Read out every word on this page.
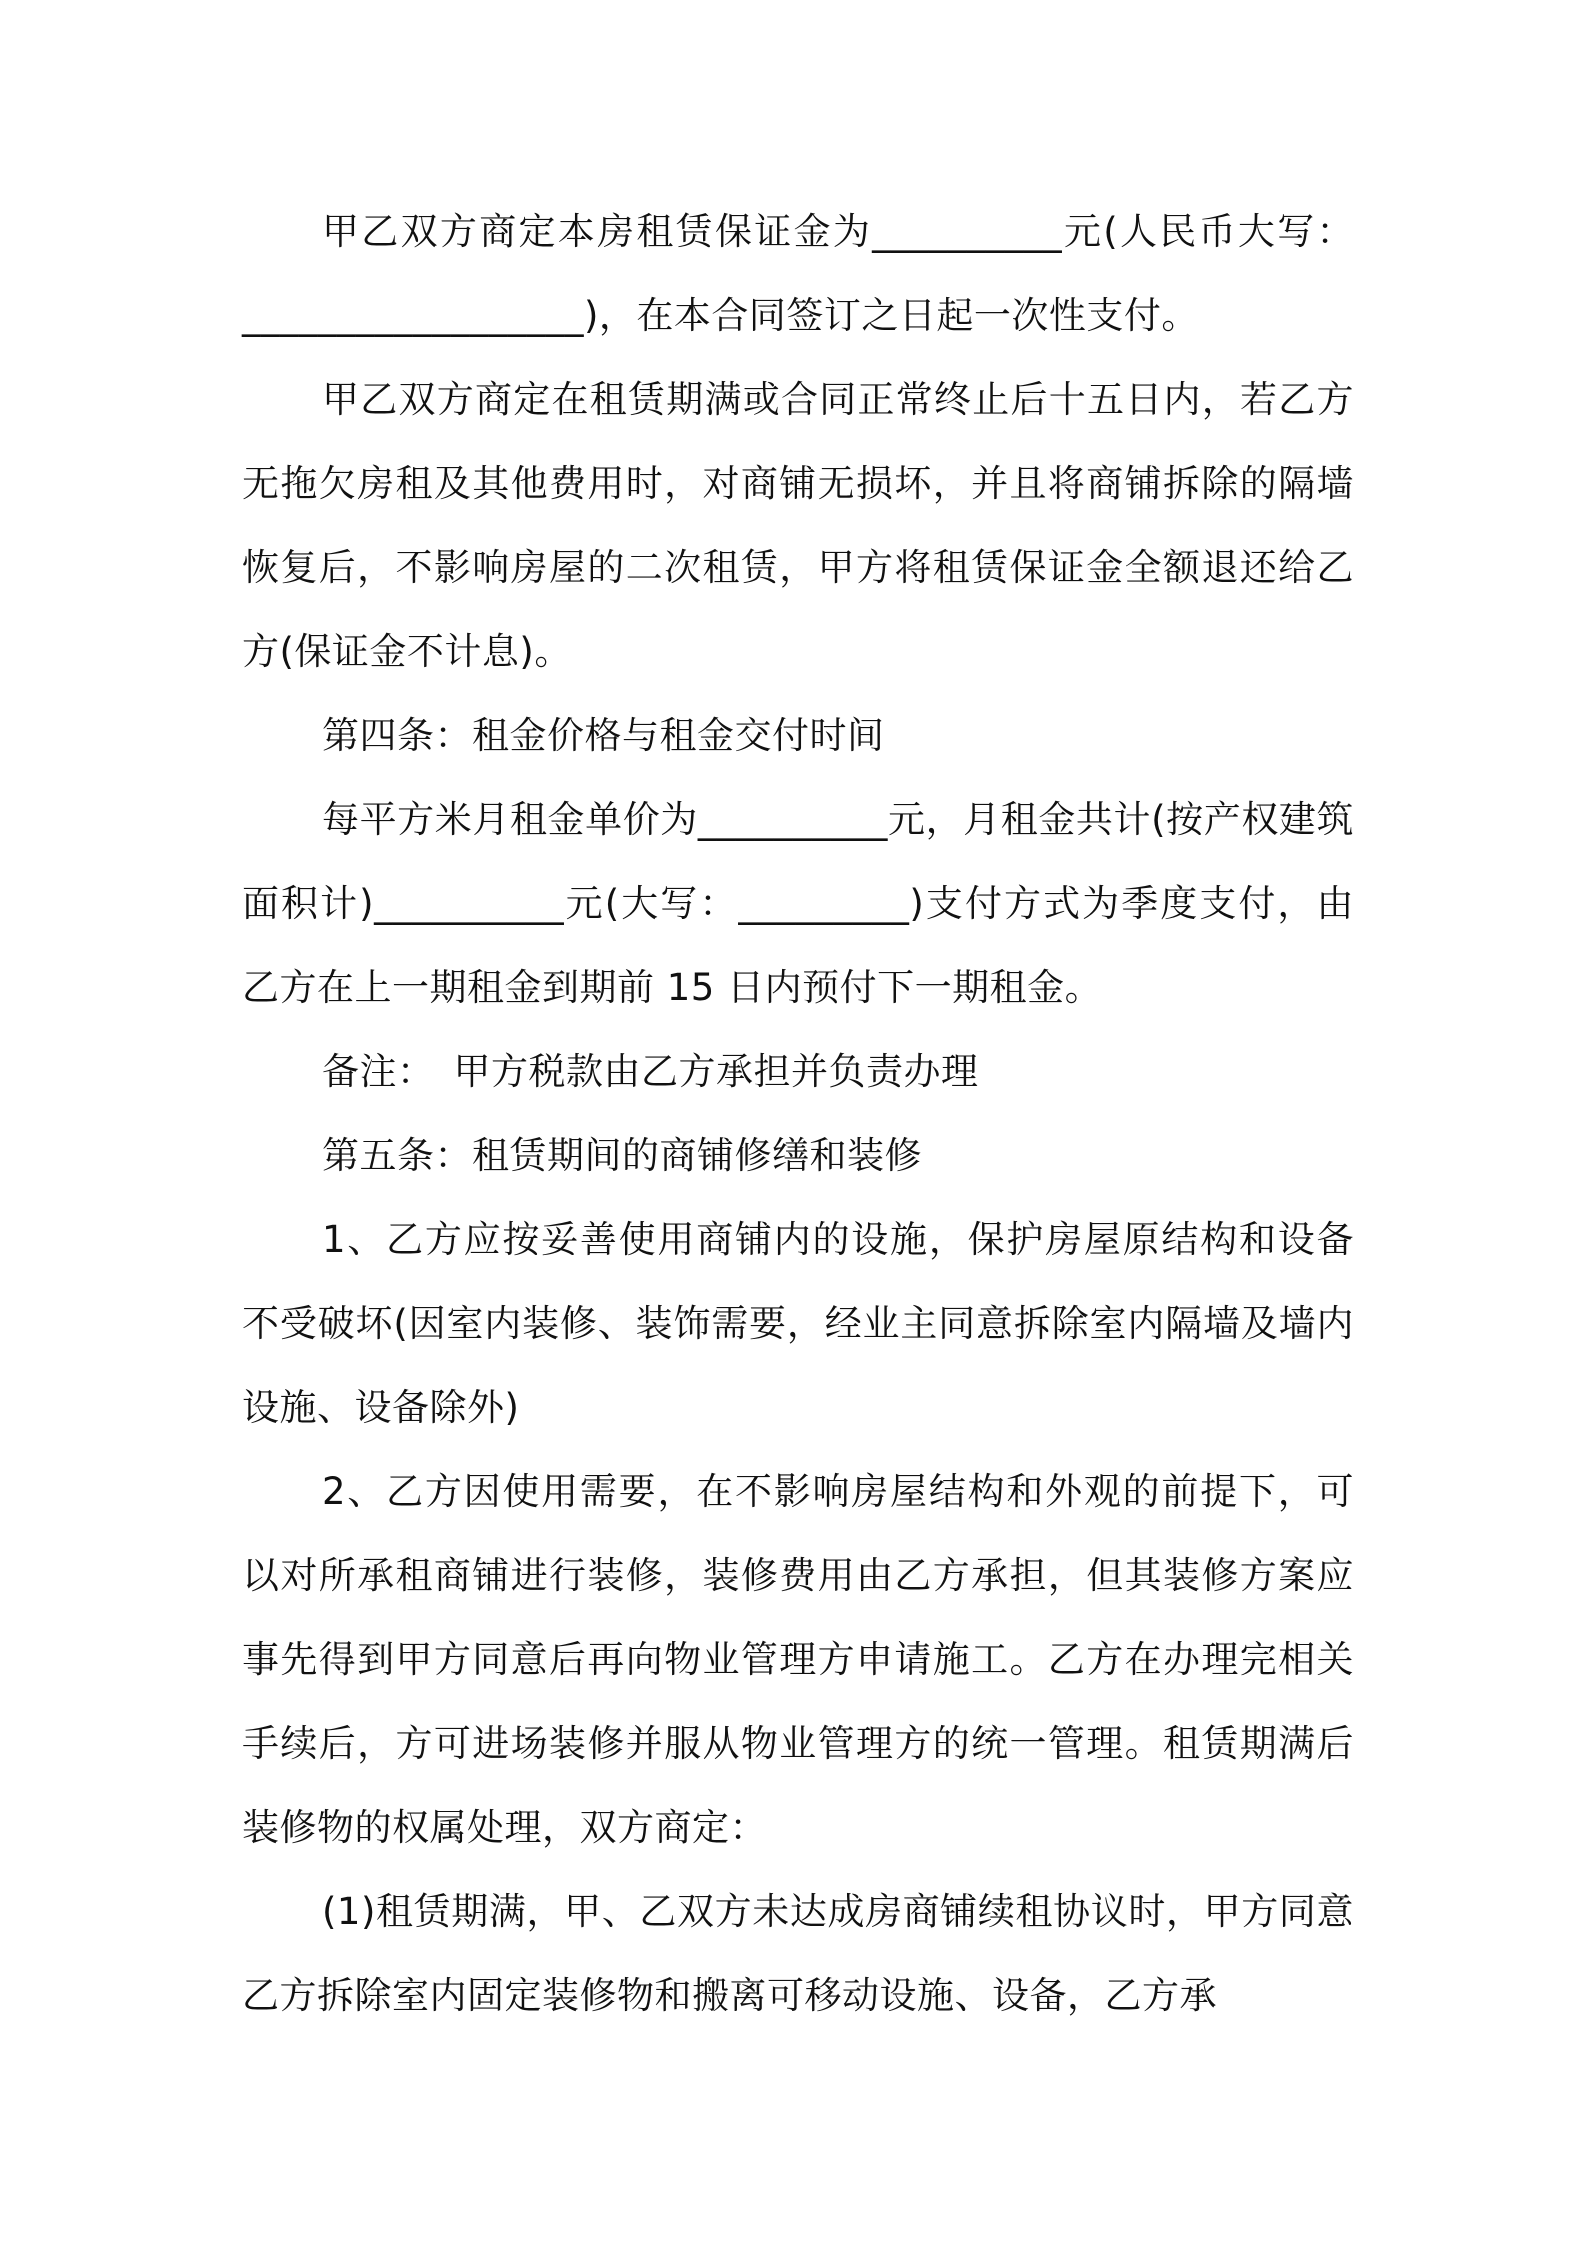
甲乙双方商定本房租赁保证金为__________元(人民币大写：__________________)，在本合同签订之日起一次性支付。

甲乙双方商定在租赁期满或合同正常终止后十五日内，若乙方无拖欠房租及其他费用时，对商铺无损坏，并且将商铺拆除的隔墙恢复后，不影响房屋的二次租赁，甲方将租赁保证金全额退还给乙方(保证金不计息)。

第四条：租金价格与租金交付时间

每平方米月租金单价为__________元，月租金共计(按产权建筑面积计)__________元(大写：_________)支付方式为季度支付，由乙方在上一期租金到期前 15 日内预付下一期租金。

备注：　甲方税款由乙方承担并负责办理

第五条：租赁期间的商铺修缮和装修

1、乙方应按妥善使用商铺内的设施，保护房屋原结构和设备不受破坏(因室内装修、装饰需要，经业主同意拆除室内隔墙及墙内设施、设备除外)

2、乙方因使用需要，在不影响房屋结构和外观的前提下，可以对所承租商铺进行装修，装修费用由乙方承担，但其装修方案应事先得到甲方同意后再向物业管理方申请施工。乙方在办理完相关手续后，方可进场装修并服从物业管理方的统一管理。租赁期满后装修物的权属处理，双方商定：

(1)租赁期满，甲、乙双方未达成房商铺续租协议时，甲方同意乙方拆除室内固定装修物和搬离可移动设施、设备，乙方承
